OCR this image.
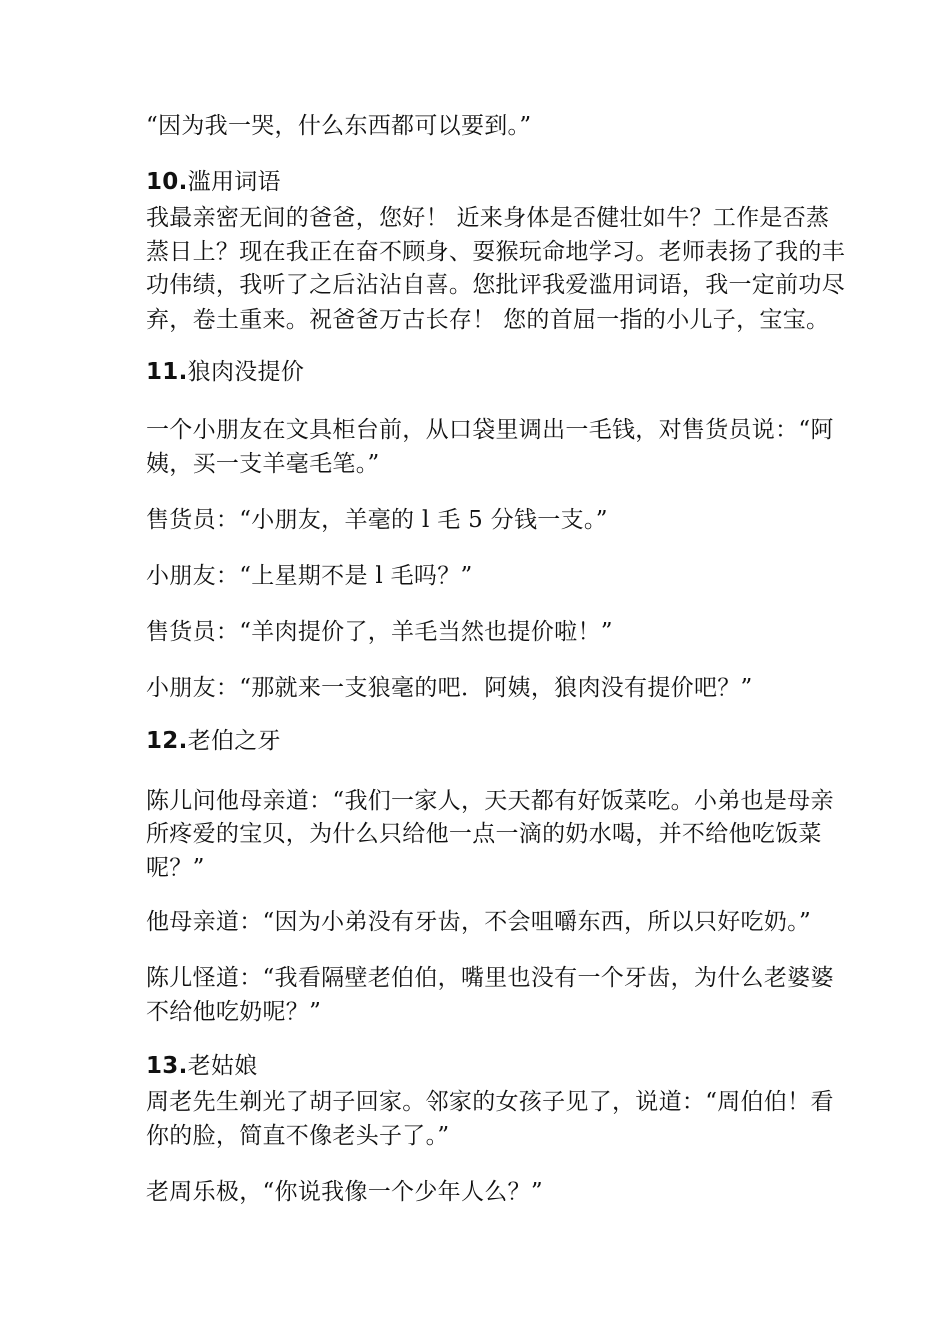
“因为我一哭，什么东西都可以要到。”
10.滥用词语
我最亲密无间的爸爸，您好！ 近来身体是否健壮如牛？工作是否蒸
蒸日上？现在我正在奋不顾身、耍猴玩命地学习。老师表扬了我的丰
功伟绩，我听了之后沾沾自喜。您批评我爱滥用词语，我一定前功尽
弃，卷土重来。祝爸爸万古长存！ 您的首屈一指的小儿子，宝宝。
11.狼肉没提价
一个小朋友在文具柜台前，从口袋里调出一毛钱，对售货员说：“阿
姨，买一支羊毫毛笔。”
售货员：“小朋友，羊毫的 l 毛 5 分钱一支。”
小朋友：“上星期不是 l 毛吗？”
售货员：“羊肉提价了，羊毛当然也提价啦！”
小朋友：“那就来一支狼毫的吧．阿姨，狼肉没有提价吧？”
12.老伯之牙
陈儿问他母亲道：“我们一家人，天天都有好饭菜吃。小弟也是母亲
所疼爱的宝贝，为什么只给他一点一滴的奶水喝，并不给他吃饭菜
呢？”
他母亲道：“因为小弟没有牙齿，不会咀嚼东西，所以只好吃奶。”
陈儿怪道：“我看隔壁老伯伯，嘴里也没有一个牙齿，为什么老婆婆
不给他吃奶呢？”
13.老姑娘
周老先生剃光了胡子回家。邻家的女孩子见了，说道：“周伯伯！看
你的脸，简直不像老头子了。”
老周乐极，“你说我像一个少年人么？”
